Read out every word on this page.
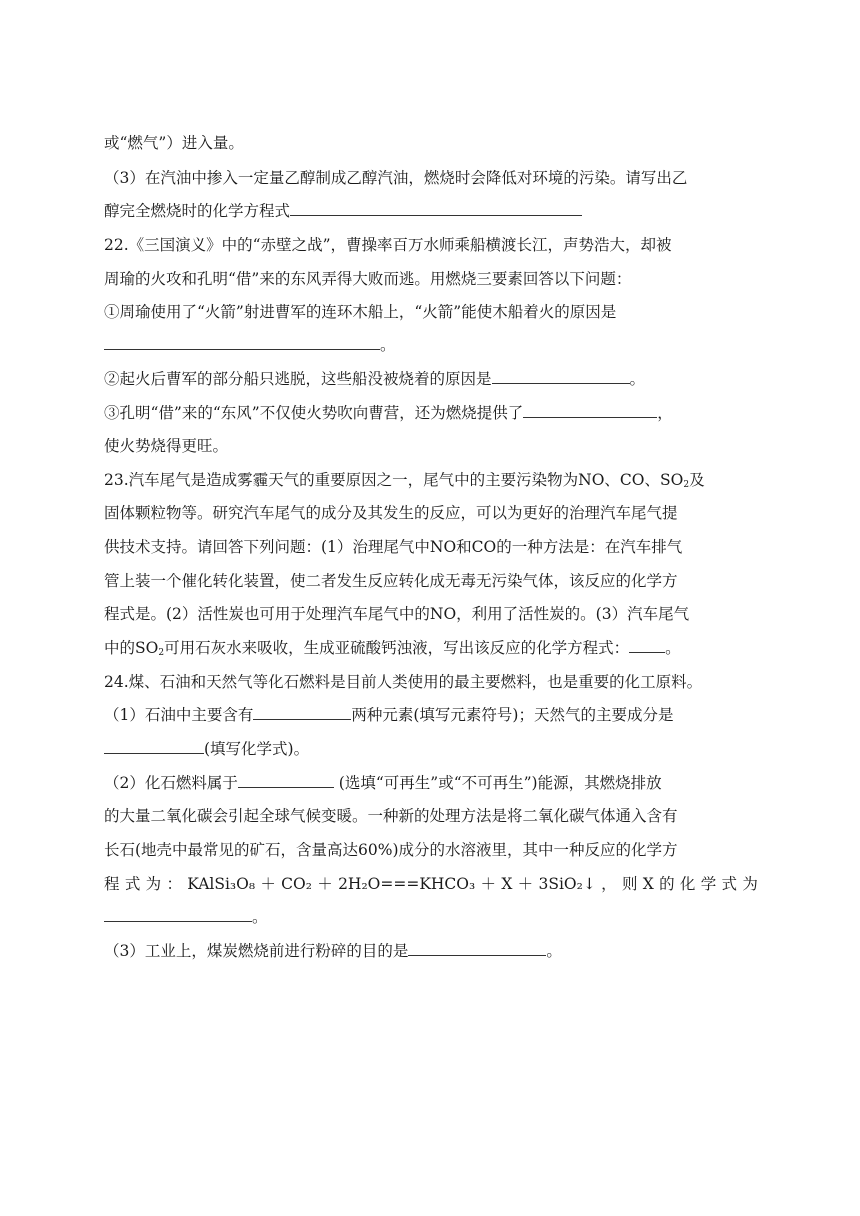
或“燃气”）进入量。
（3）在汽油中掺入一定量乙醇制成乙醇汽油，燃烧时会降低对环境的污染。请写出乙
醇完全燃烧时的化学方程式
22.《三国演义》中的“赤壁之战”，曹操率百万水师乘船横渡长江，声势浩大，却被
周瑜的火攻和孔明“借”来的东风弄得大败而逃。用燃烧三要素回答以下问题：
①周瑜使用了“火箭”射进曹军的连环木船上，“火箭”能使木船着火的原因是
。
②起火后曹军的部分船只逃脱，这些船没被烧着的原因是	。
③孔明“借”来的“东风”不仅使火势吹向曹营，还为燃烧提供了	，
使火势烧得更旺。
23.汽车尾气是造成雾霾天气的重要原因之一，尾气中的主要污染物为NO、CO、$SO_2$及
固体颗粒物等。研究汽车尾气的成分及其发生的反应，可以为更好的治理汽车尾气提
供技术支持。请回答下列问题：(1）治理尾气中NO和CO的一种方法是：在汽车排气
管上装一个催化转化装置，使二者发生反应转化成无毒无污染气体，该反应的化学方
程式是。(2）活性炭也可用于处理汽车尾气中的NO，利用了活性炭的。(3）汽车尾气
中的$SO_2$可用石灰水来吸收，生成亚硫酸钙浊液，写出该反应的化学方程式： 。
24.煤、石油和天然气等化石燃料是目前人类使用的最主要燃料，也是重要的化工原料。
（1）石油中主要含有	两种元素(填写元素符号)；天然气的主要成分是
(填写化学式)。
（2）化石燃料属于	(选填“可再生”或“不可再生”)能源，其燃烧排放
的大量二氧化碳会引起全球气候变暖。一种新的处理方法是将二氧化碳气体通入含有
长石(地壳中最常见的矿石，含量高达60%)成分的水溶液里，其中一种反应的化学方
程 式 为 ： KAlSi₃O₈ ＋ CO₂ ＋ 2H₂O===KHCO₃ ＋ X ＋ 3SiO₂↓ ， 则 X 的 化 学 式 为
。
（3）工业上，煤炭燃烧前进行粉碎的目的是	。
